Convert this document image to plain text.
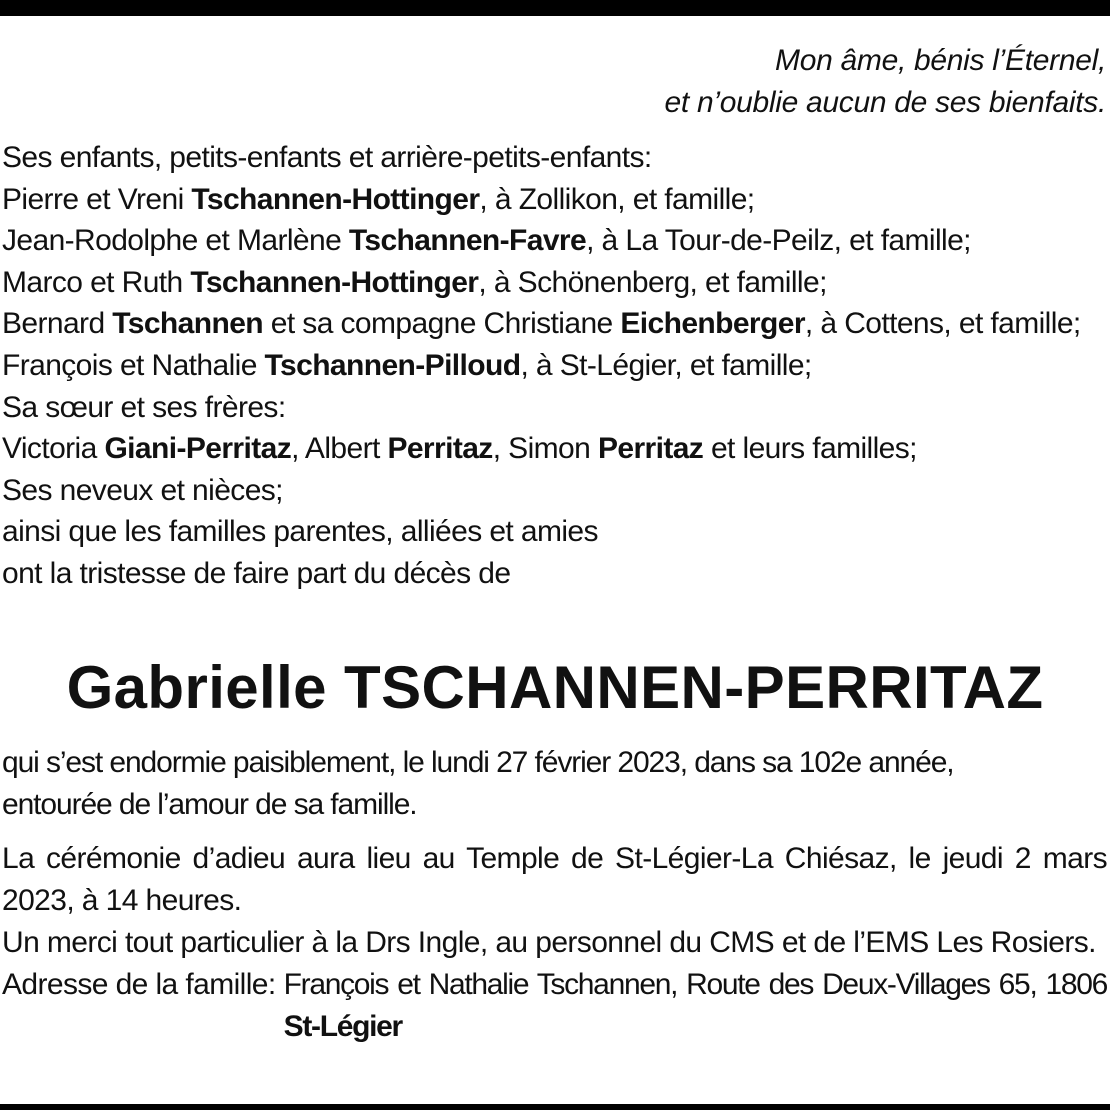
Mon âme, bénis l’Éternel,
et n’oublie aucun de ses bienfaits.

Ses enfants, petits-enfants et arrière-petits-enfants:

Pierre et Vreni Tschannen-Hottinger, à Zollikon, et famille;

Jean-Rodolphe et Marlène Tschannen-Favre, à La Tour-de-Peilz, et famille;

Marco et Ruth Tschannen-Hottinger, à Schönenberg, et famille;

Bernard Tschannen et sa compagne Christiane Eichenberger, à Cottens, et famille;

François et Nathalie Tschannen-Pilloud, à St-Légier, et famille;

Sa sœur et ses frères:

Victoria Giani-Perritaz, Albert Perritaz, Simon Perritaz et leurs familles;

Ses neveux et nièces;

ainsi que les familles parentes, alliées et amies

ont la tristesse de faire part du décès de

Gabrielle TSCHANNEN-PERRITAZ

qui s’est endormie paisiblement, le lundi 27 février 2023, dans sa 102e année,

entourée de l’amour de sa famille.

La cérémonie d’adieu aura lieu au Temple de St-Légier-La Chiésaz, le jeudi 2 mars 2023, à 14 heures.

Un merci tout particulier à la Drs Ingle, au personnel du CMS et de l’EMS Les Rosiers.

Adresse de la famille: François et Nathalie Tschannen, Route des Deux-Villages 65, 1806 St-Légier
